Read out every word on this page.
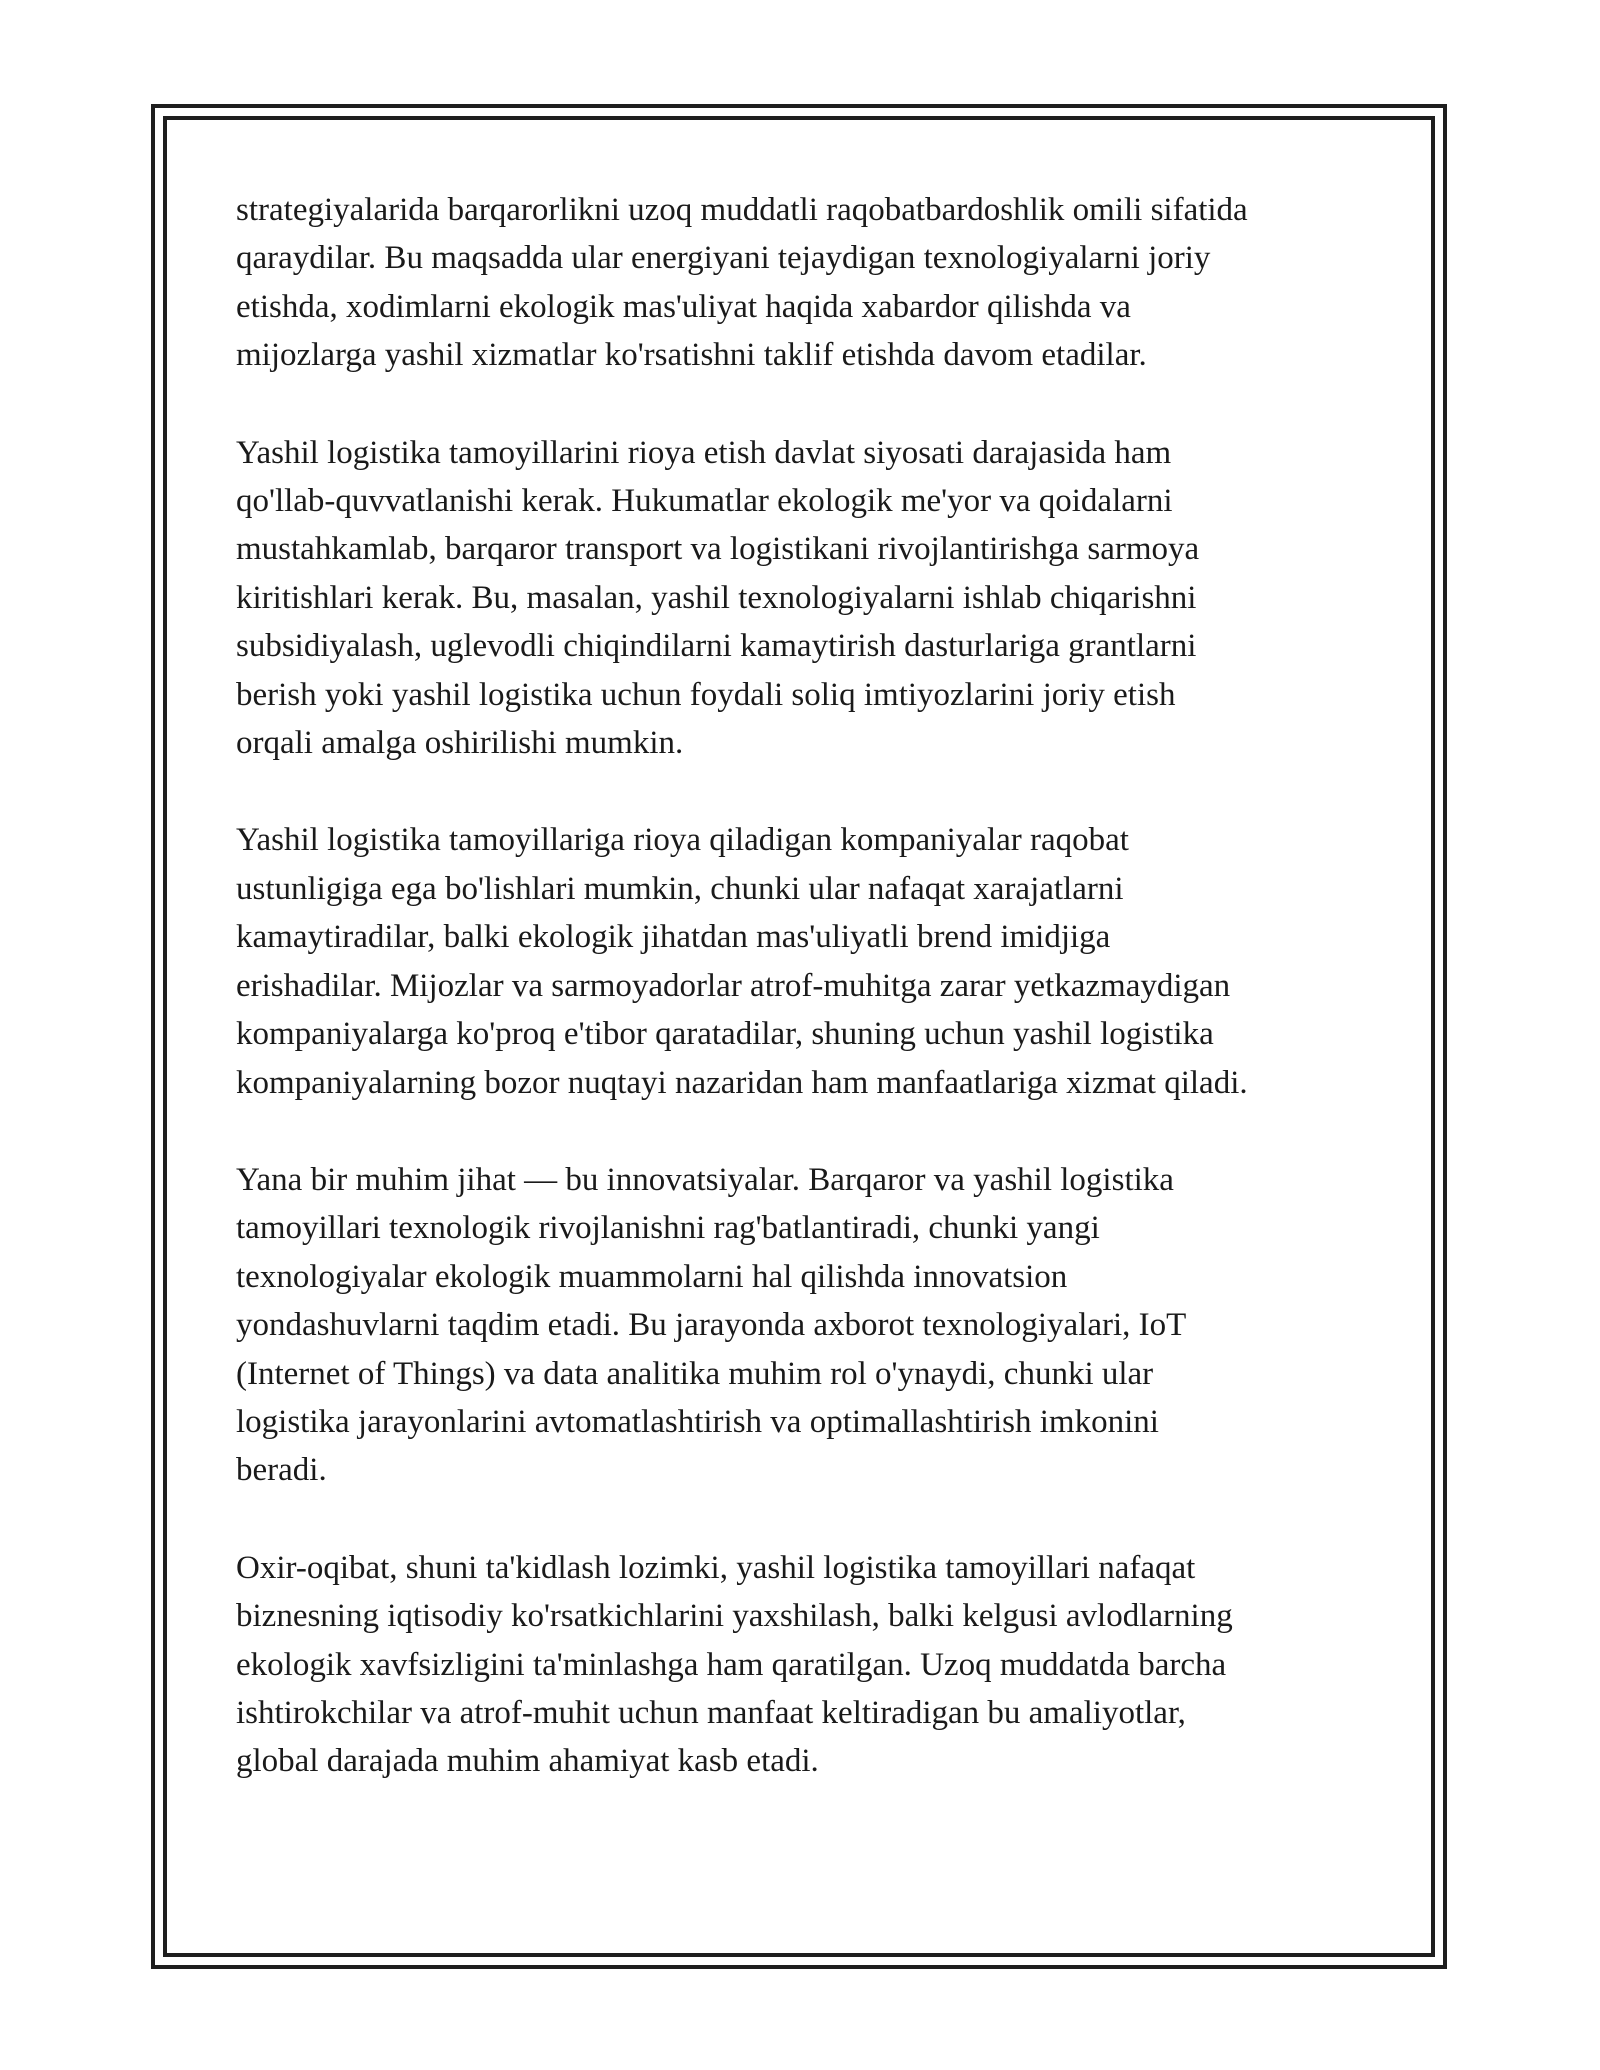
strategiyalarida barqarorlikni uzoq muddatli raqobatbardoshlik omili sifatida
qaraydilar. Bu maqsadda ular energiyani tejaydigan texnologiyalarni joriy
etishda, xodimlarni ekologik mas'uliyat haqida xabardor qilishda va
mijozlarga yashil xizmatlar ko'rsatishni taklif etishda davom etadilar.

Yashil logistika tamoyillarini rioya etish davlat siyosati darajasida ham
qo'llab-quvvatlanishi kerak. Hukumatlar ekologik me'yor va qoidalarni
mustahkamlab, barqaror transport va logistikani rivojlantirishga sarmoya
kiritishlari kerak. Bu, masalan, yashil texnologiyalarni ishlab chiqarishni
subsidiyalash, uglevodli chiqindilarni kamaytirish dasturlariga grantlarni
berish yoki yashil logistika uchun foydali soliq imtiyozlarini joriy etish
orqali amalga oshirilishi mumkin.

Yashil logistika tamoyillariga rioya qiladigan kompaniyalar raqobat
ustunligiga ega bo'lishlari mumkin, chunki ular nafaqat xarajatlarni
kamaytiradilar, balki ekologik jihatdan mas'uliyatli brend imidjiga
erishadilar. Mijozlar va sarmoyadorlar atrof-muhitga zarar yetkazmaydigan
kompaniyalarga ko'proq e'tibor qaratadilar, shuning uchun yashil logistika
kompaniyalarning bozor nuqtayi nazaridan ham manfaatlariga xizmat qiladi.

Yana bir muhim jihat — bu innovatsiyalar. Barqaror va yashil logistika
tamoyillari texnologik rivojlanishni rag'batlantiradi, chunki yangi
texnologiyalar ekologik muammolarni hal qilishda innovatsion
yondashuvlarni taqdim etadi. Bu jarayonda axborot texnologiyalari, IoT
(Internet of Things) va data analitika muhim rol o'ynaydi, chunki ular
logistika jarayonlarini avtomatlashtirish va optimallashtirish imkonini
beradi.

Oxir-oqibat, shuni ta'kidlash lozimki, yashil logistika tamoyillari nafaqat
biznesning iqtisodiy ko'rsatkichlarini yaxshilash, balki kelgusi avlodlarning
ekologik xavfsizligini ta'minlashga ham qaratilgan. Uzoq muddatda barcha
ishtirokchilar va atrof-muhit uchun manfaat keltiradigan bu amaliyotlar,
global darajada muhim ahamiyat kasb etadi.
